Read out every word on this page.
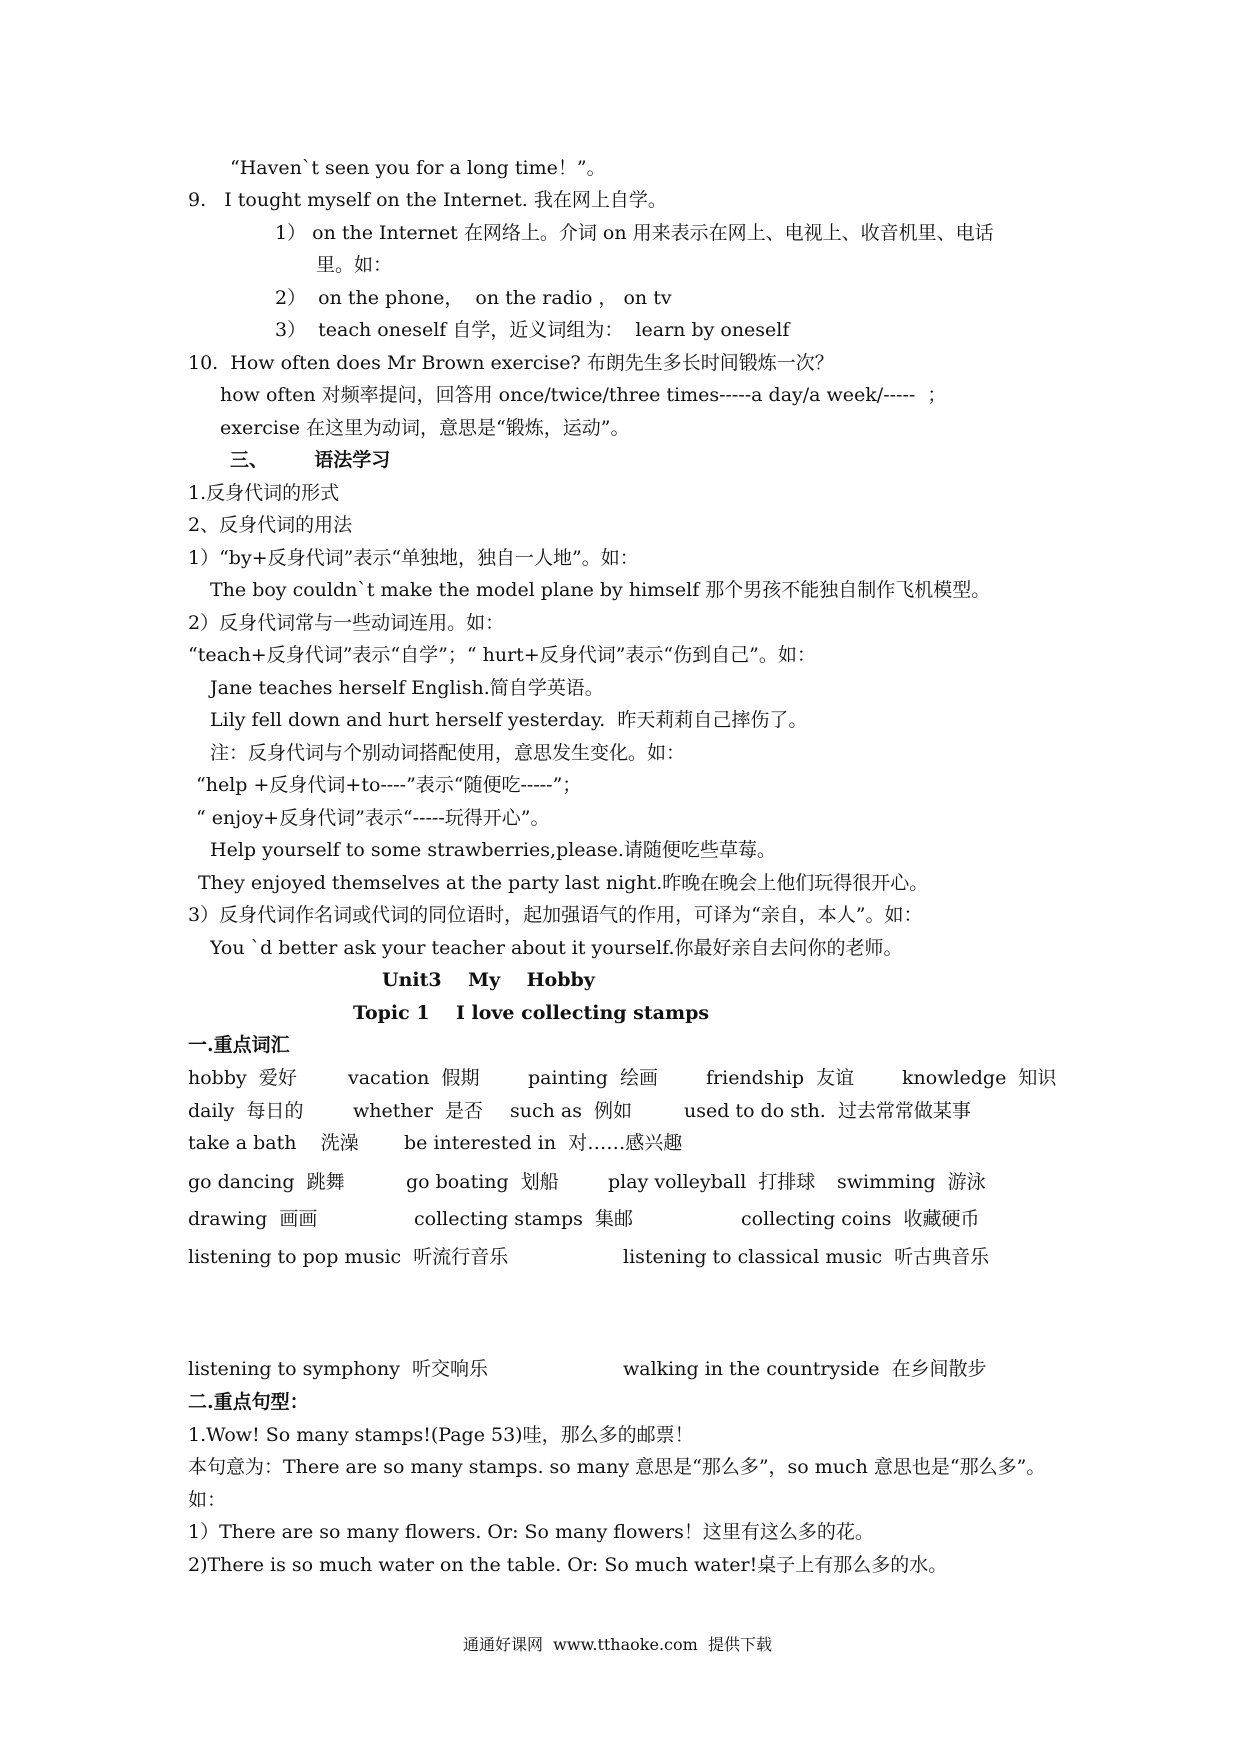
“Haven`t seen you for a long time！”。
9.   I tought myself on the Internet. 我在网上自学。
1） on the Internet 在网络上。介词 on 用来表示在网上、电视上、收音机里、电话
里。如：
2）  on the phone，  on the radio ， on tv
3）  teach oneself 自学，近义词组为：  learn by oneself
10.  How often does Mr Brown exercise? 布朗先生多长时间锻炼一次？
how often 对频率提问，回答用 once/twice/three times-----a day/a week/-----  ；
exercise 在这里为动词，意思是“锻炼，运动”。
三、       语法学习
1.反身代词的形式
2、反身代词的用法
1）“by+反身代词”表示“单独地，独自一人地”。如：
The boy couldn`t make the model plane by himself 那个男孩不能独自制作飞机模型。
2）反身代词常与一些动词连用。如：
“teach+反身代词”表示“自学”；“ hurt+反身代词”表示“伤到自己”。如：
Jane teaches herself English.简自学英语。
Lily fell down and hurt herself yesterday.  昨天莉莉自己摔伤了。
注：反身代词与个别动词搭配使用，意思发生变化。如：
“help +反身代词+to----”表示“随便吃-----”；
“ enjoy+反身代词”表示“-----玩得开心”。
Help yourself to some strawberries,please.请随便吃些草莓。
They enjoyed themselves at the party last night.昨晚在晚会上他们玩得很开心。
3）反身代词作名词或代词的同位语时，起加强语气的作用，可译为“亲自，本人”。如：
You `d better ask your teacher about it yourself.你最好亲自去问你的老师。
Unit3    My    Hobby
Topic 1    I love collecting stamps
一.重点词汇
hobby  爱好	vacation  假期	painting  绘画	friendship  友谊	knowledge  知识
daily  每日的	whether  是否 such as  例如	used to do sth.  过去常常做某事
take a bath    洗澡 be interested in  对……感兴趣
go dancing  跳舞	go boating  划船	play volleyball  打排球 swimming  游泳
drawing  画画	collecting stamps  集邮	collecting coins  收藏硬币
listening to pop music  听流行音乐	listening to classical music  听古典音乐
listening to symphony  听交响乐	walking in the countryside  在乡间散步
二.重点句型：
1.Wow! So many stamps!(Page 53)哇，那么多的邮票！
本句意为：There are so many stamps. so many 意思是“那么多”，so much 意思也是“那么多”。
如：
1）There are so many flowers. Or: So many flowers！这里有这么多的花。
2)There is so much water on the table. Or: So much water!桌子上有那么多的水。
通通好课网  www.tthaoke.com  提供下载
